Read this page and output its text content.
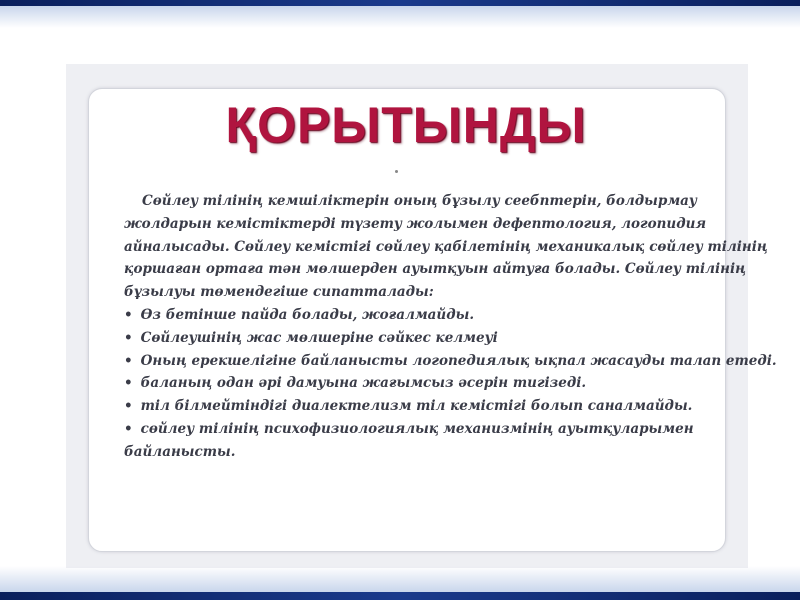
ҚОРЫТЫНДЫ
Сөйлеу тілінің кемшіліктерін оның бұзылу сеебптерін, болдырмау
жолдарын кемістіктерді түзету жолымен дефептология, логопидия
айналысады. Сөйлеу кемістігі сөйлеу қабілетінің механикалық сөйлеу тілінің
қоршаған ортаға тән мөлшерден ауытқуын айтуға болады. Сөйлеу тілінің
бұзылуы төмендегіше сипатталады:
• Өз бетінше пайда болады, жоғалмайды.
• Сөйлеушінің жас мөлшеріне сәйкес келмеуі
• Оның ерекшелігіне байланысты логопедиялық ықпал жасауды талап етеді.
• баланың одан әрі дамуына жағымсыз әсерін тигізеді.
• тіл білмейтіндігі диалектелизм тіл кемістігі болып саналмайды.
• сөйлеу тілінің психофизиологиялық механизмінің ауытқуларымен
байланысты.
